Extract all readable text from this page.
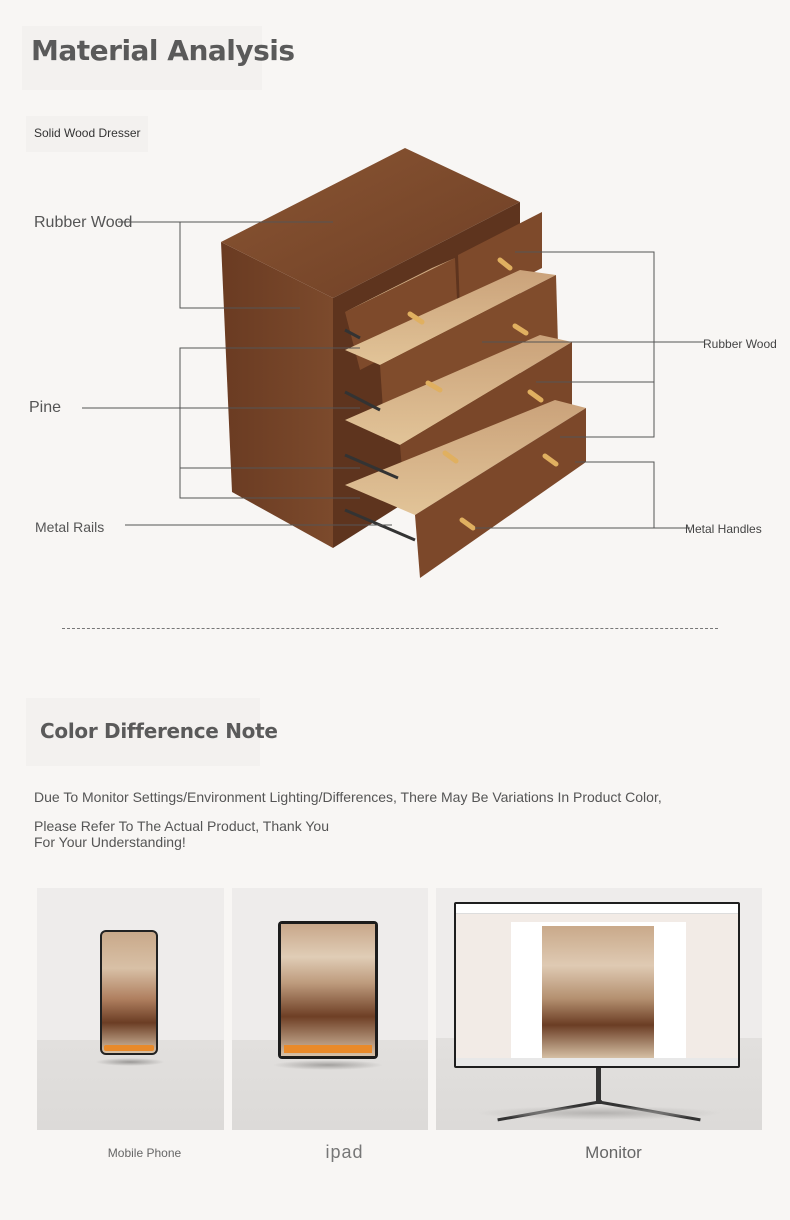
Material Analysis
Solid Wood Dresser
Rubber Wood
Pine
Metal Rails
Rubber Wood
Metal Handles
Color Difference Note
Due To Monitor Settings/Environment Lighting/Differences, There May Be Variations In Product Color,
Please Refer To The Actual Product, Thank You
For Your Understanding!
Mobile Phone	ipad	Monitor
